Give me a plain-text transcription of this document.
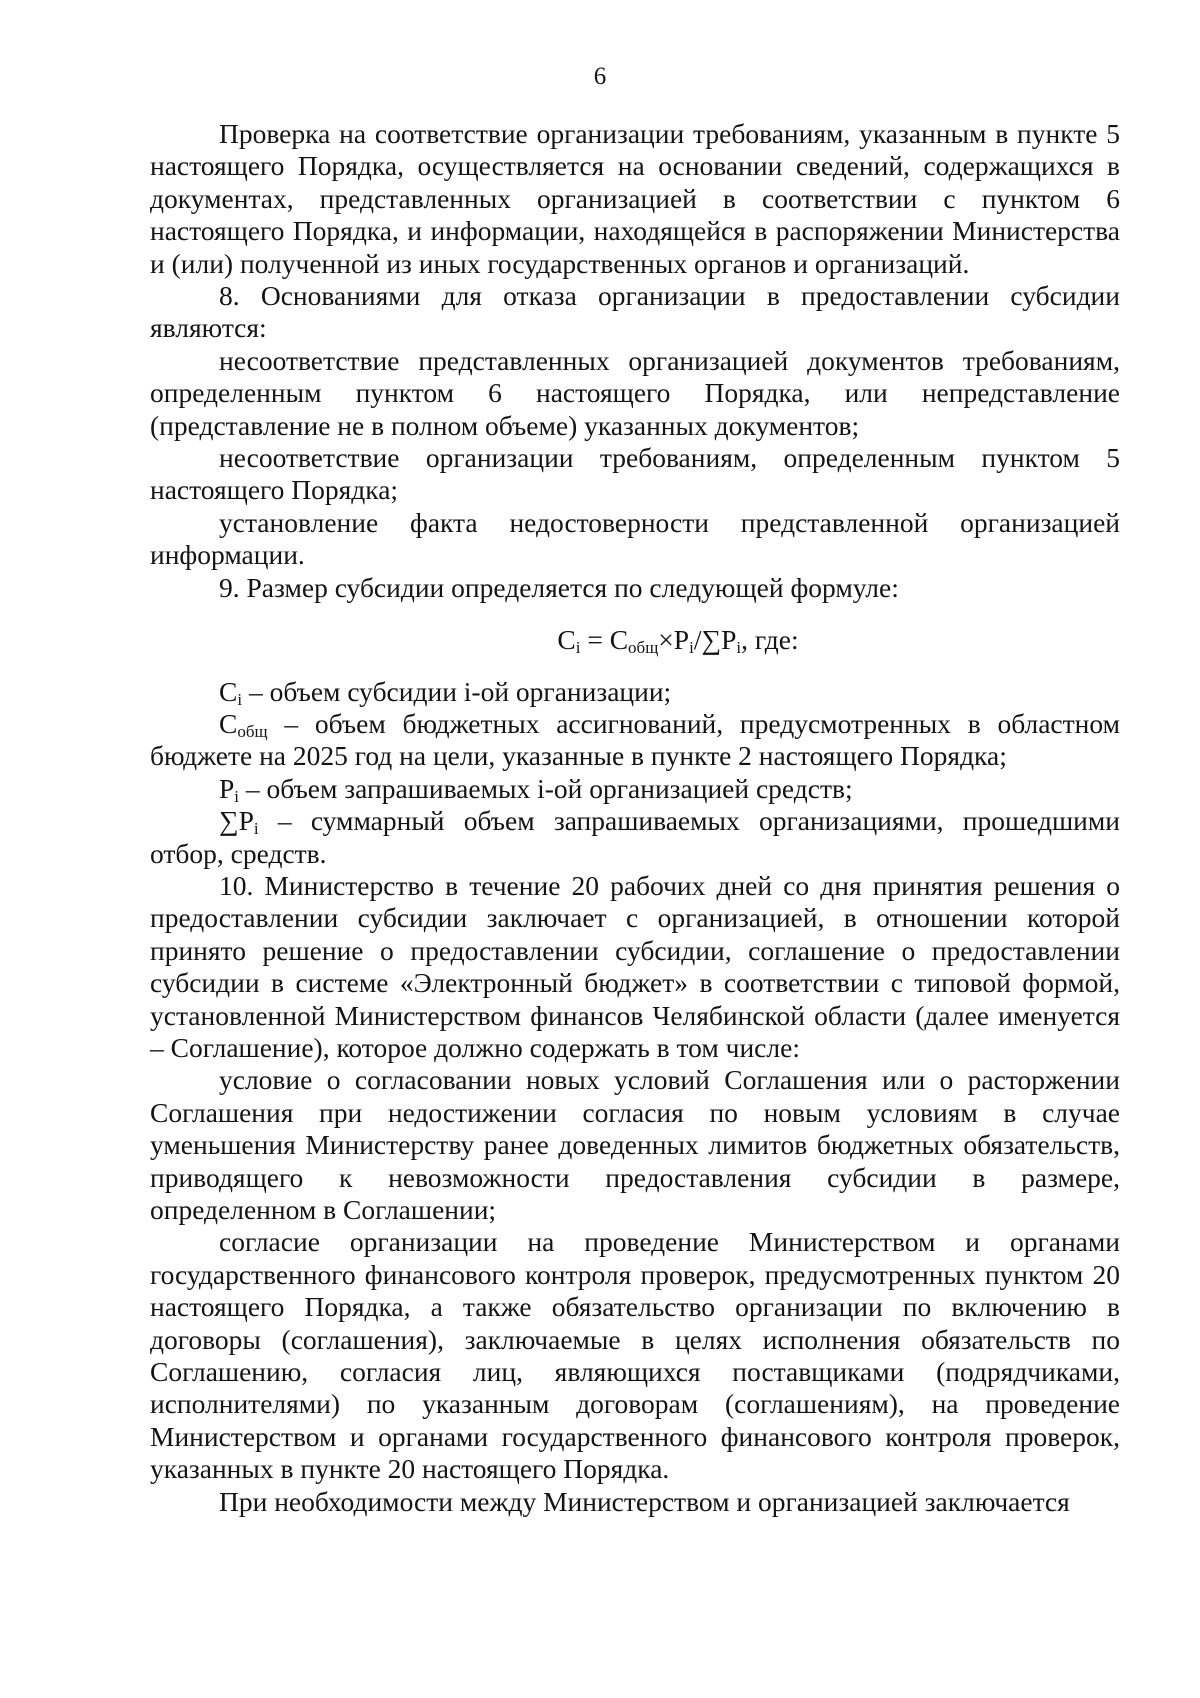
6

Проверка на соответствие организации требованиям, указанным в пункте 5 настоящего Порядка, осуществляется на основании сведений, содержащихся в документах, представленных организацией в соответствии с пунктом 6 настоящего Порядка, и информации, находящейся в распоряжении Министерства и (или) полученной из иных государственных органов и организаций.

8. Основаниями для отказа организации в предоставлении субсидии являются:

несоответствие представленных организацией документов требованиям, определенным пунктом 6 настоящего Порядка, или непредставление (представление не в полном объеме) указанных документов;

несоответствие организации требованиям, определенным пунктом 5 настоящего Порядка;

установление факта недостоверности представленной организацией информации.

9. Размер субсидии определяется по следующей формуле:

$C_i = C_{общ}\times P_i/\sum P_i$, где:

$C_i$ – объем субсидии i-ой организации;

$C_{общ}$ – объем бюджетных ассигнований, предусмотренных в областном бюджете на 2025 год на цели, указанные в пункте 2 настоящего Порядка;

$P_i$ – объем запрашиваемых i-ой организацией средств;

$\sum P_i$ – суммарный объем запрашиваемых организациями, прошедшими отбор, средств.

10. Министерство в течение 20 рабочих дней со дня принятия решения о предоставлении субсидии заключает с организацией, в отношении которой принято решение о предоставлении субсидии, соглашение о предоставлении субсидии в системе «Электронный бюджет» в соответствии с типовой формой, установленной Министерством финансов Челябинской области (далее именуется – Соглашение), которое должно содержать в том числе:

условие о согласовании новых условий Соглашения или о расторжении Соглашения при недостижении согласия по новым условиям в случае уменьшения Министерству ранее доведенных лимитов бюджетных обязательств, приводящего к невозможности предоставления субсидии в размере, определенном в Соглашении;

согласие организации на проведение Министерством и органами государственного финансового контроля проверок, предусмотренных пунктом 20 настоящего Порядка, а также обязательство организации по включению в договоры (соглашения), заключаемые в целях исполнения обязательств по Соглашению, согласия лиц, являющихся поставщиками (подрядчиками, исполнителями) по указанным договорам (соглашениям), на проведение Министерством и органами государственного финансового контроля проверок, указанных в пункте 20 настоящего Порядка.

При необходимости между Министерством и организацией заключается
